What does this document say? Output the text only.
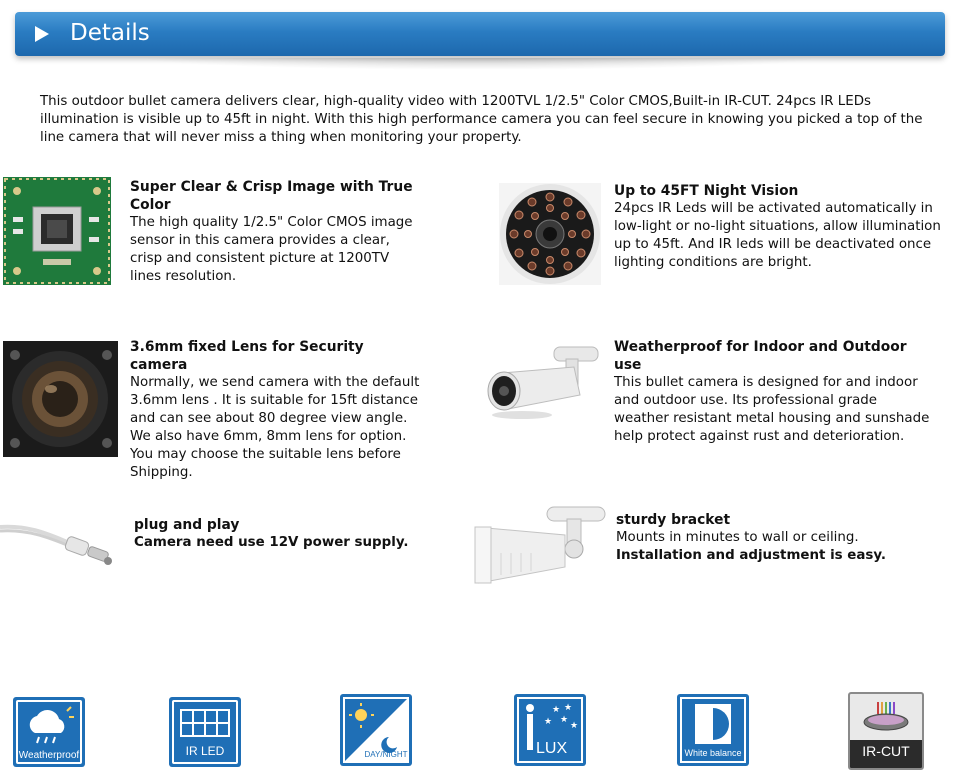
Details
This outdoor bullet camera delivers clear, high-quality video with 1200TVL 1/2.5" Color CMOS,Built-in IR-CUT. 24pcs IR LEDs illumination is visible up to 45ft in night. With this high performance camera you can feel secure in knowing you picked a top of the line camera that will never miss a thing when monitoring your property.
Super Clear & Crisp Image with True Color
The high quality 1/2.5" Color CMOS image sensor in this camera provides a clear, crisp and consistent picture at 1200TV lines resolution.
Up to 45FT Night Vision
24pcs IR Leds will be activated automatically in low-light or no-light situations, allow illumination up to 45ft. And IR leds will be deactivated once lighting conditions are bright.
3.6mm fixed Lens for Security camera
Normally, we send camera with the default 3.6mm lens . It is suitable for 15ft distance and can see about 80 degree view angle. We also have 6mm, 8mm lens for option. You may choose the suitable lens before Shipping.
Weatherproof for Indoor and Outdoor use
This bullet camera is designed for and indoor and outdoor use. Its professional grade weather resistant metal housing and sunshade help protect against rust and deterioration.
plug and play
Camera need use 12V power supply.
sturdy bracket
Mounts in minutes to wall or ceiling. Installation and adjustment is easy.
Weatherproof	IR LED	DAY/NIGHT
★ ★
★ ★
★
LUX	White balance	IR-CUT
